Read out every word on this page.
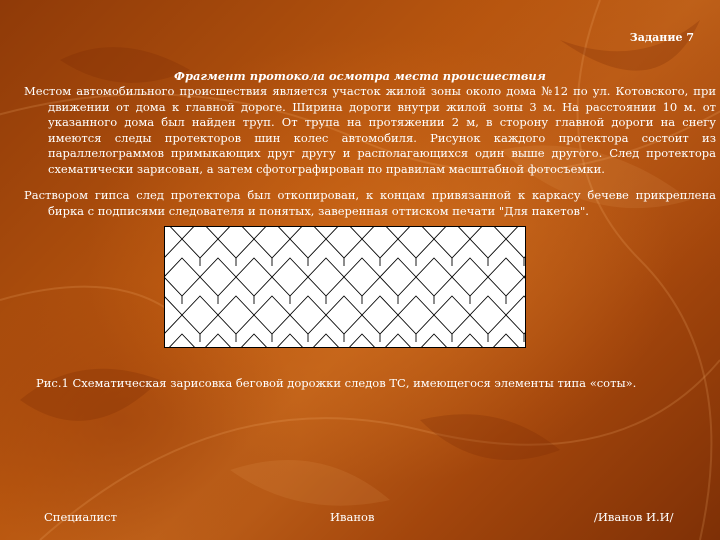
Задание 7
Фрагмент протокола осмотра места происшествия
Местом автомобильного происшествия является участок жилой зоны около дома №12 по ул. Котовского, при движении от дома к главной дороге. Ширина дороги внутри жилой зоны 3 м. На расстоянии 10 м. от указанного дома был найден труп. От трупа на протяжении 2 м, в сторону главной дороги на снегу имеются следы протекторов шин колес автомобиля. Рисунок каждого протектора состоит из параллелограммов примыкающих друг другу и располагающихся один выше другого. След протектора схематически зарисован, а затем сфотографирован по правилам масштабной фотосъемки.
Раствором гипса след протектора был откопирован, к концам привязанной к каркасу бечеве прикреплена бирка с подписями следователя и понятых, заверенная оттиском печати "Для пакетов".
Рис.1 Схематическая зарисовка беговой дорожки следов ТС, имеющегося элементы типа «соты».
Специалист	Иванов	/Иванов И.И/
